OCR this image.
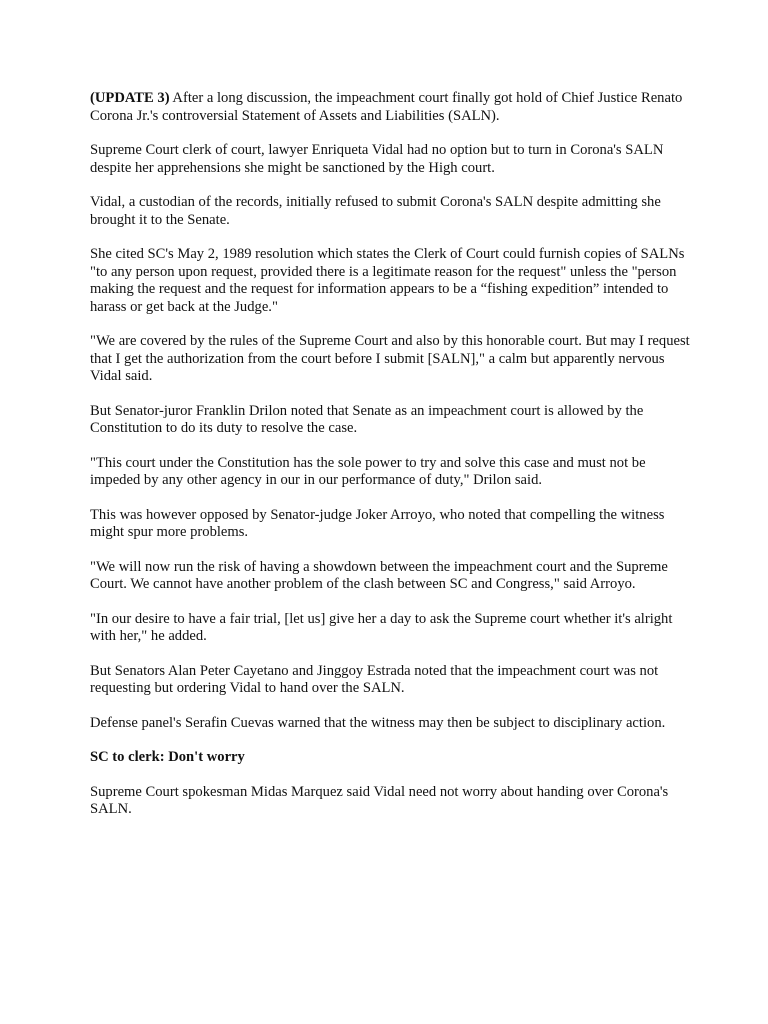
(UPDATE 3) After a long discussion, the impeachment court finally got hold of Chief Justice Renato Corona Jr.'s controversial Statement of Assets and Liabilities (SALN).

Supreme Court clerk of court, lawyer Enriqueta Vidal had no option but to turn in Corona's SALN despite her apprehensions she might be sanctioned by the High court.

Vidal, a custodian of the records, initially refused to submit Corona's SALN despite admitting she brought it to the Senate.

She cited SC's May 2, 1989 resolution which states the Clerk of Court could furnish copies of SALNs "to any person upon request, provided there is a legitimate reason for the request" unless the "person making the request and the request for information appears to be a “fishing expedition” intended to harass or get back at the Judge."

"We are covered by the rules of the Supreme Court and also by this honorable court. But may I request that I get the authorization from the court before I submit [SALN]," a calm but apparently nervous Vidal said.

But Senator-juror Franklin Drilon noted that Senate as an impeachment court is allowed by the Constitution to do its duty to resolve the case.

"This court under the Constitution has the sole power to try and solve this case and must not be impeded by any other agency in our in our performance of duty," Drilon said.

This was however opposed by Senator-judge Joker Arroyo, who noted that compelling the witness might spur more problems.

"We will now run the risk of having a showdown between the impeachment court and the Supreme Court. We cannot have another problem of the clash between SC and Congress," said Arroyo.

"In our desire to have a fair trial, [let us] give her a day to ask the Supreme court whether it's alright with her," he added.

But Senators Alan Peter Cayetano and Jinggoy Estrada noted that the impeachment court was not requesting but ordering Vidal to hand over the SALN.

Defense panel's Serafin Cuevas warned that the witness may then be subject to disciplinary action.

SC to clerk: Don't worry

Supreme Court spokesman Midas Marquez said Vidal need not worry about handing over Corona's SALN.
